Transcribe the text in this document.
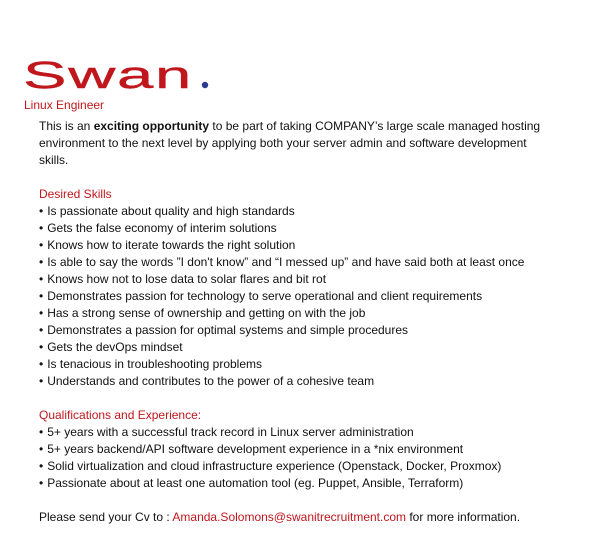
Swan
Linux Engineer

This is an exciting opportunity to be part of taking COMPANY’s large scale managed hosting environment to the next level by applying both your server admin and software development skills.

Desired Skills
• Is passionate about quality and high standards
• Gets the false economy of interim solutions
• Knows how to iterate towards the right solution
• Is able to say the words ”I don't know” and “I messed up” and have said both at least once
• Knows how not to lose data to solar flares and bit rot
• Demonstrates passion for technology to serve operational and client requirements
• Has a strong sense of ownership and getting on with the job
• Demonstrates a passion for optimal systems and simple procedures
• Gets the devOps mindset
• Is tenacious in troubleshooting problems
• Understands and contributes to the power of a cohesive team
Qualifications and Experience:
• 5+ years with a successful track record in Linux server administration
• 5+ years backend/API software development experience in a *nix environment
• Solid virtualization and cloud infrastructure experience (Openstack, Docker, Proxmox)
• Passionate about at least one automation tool (eg. Puppet, Ansible, Terraform)
Please send your Cv to : Amanda.Solomons@swanitrecruitment.com for more information.
